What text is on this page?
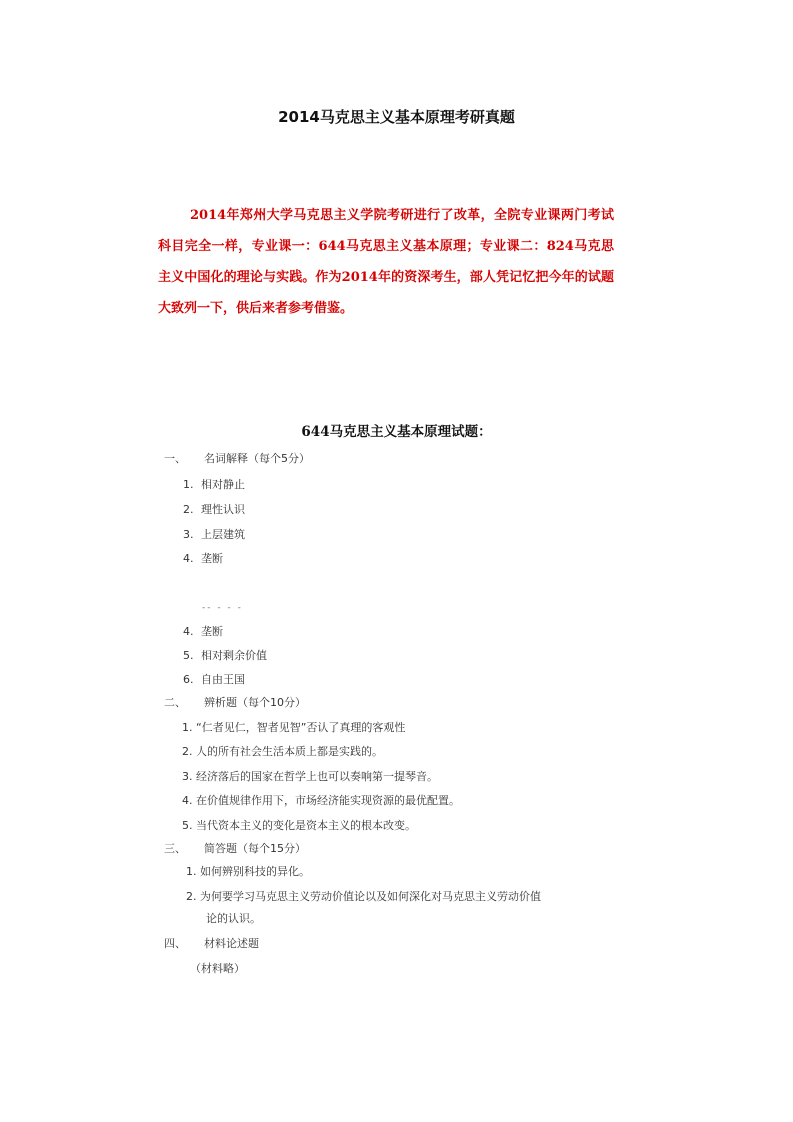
2014马克思主义基本原理考研真题
2014年郑州大学马克思主义学院考研进行了改革，全院专业课两门考试科目完全一样，专业课一：644马克思主义基本原理；专业课二：824马克思主义中国化的理论与实践。作为2014年的资深考生，部人凭记忆把今年的试题大致列一下，供后来者参考借鉴。
644马克思主义基本原理试题：
一、 名词解释（每个5分）
1. 相对静止
2. 理性认识
3. 上层建筑
4. 垄断
-- - - -
4. 垄断
5. 相对剩余价值
6. 自由王国
二、 辨析题（每个10分）
1. “仁者见仁，智者见智”否认了真理的客观性
2. 人的所有社会生活本质上都是实践的。
3. 经济落后的国家在哲学上也可以奏响第一提琴音。
4. 在价值规律作用下，市场经济能实现资源的最优配置。
5. 当代资本主义的变化是资本主义的根本改变。
三、 简答题（每个15分）
1. 如何辨别科技的异化。
2. 为何要学习马克思主义劳动价值论以及如何深化对马克思主义劳动价值
论的认识。
四、 材料论述题
（材料略）
